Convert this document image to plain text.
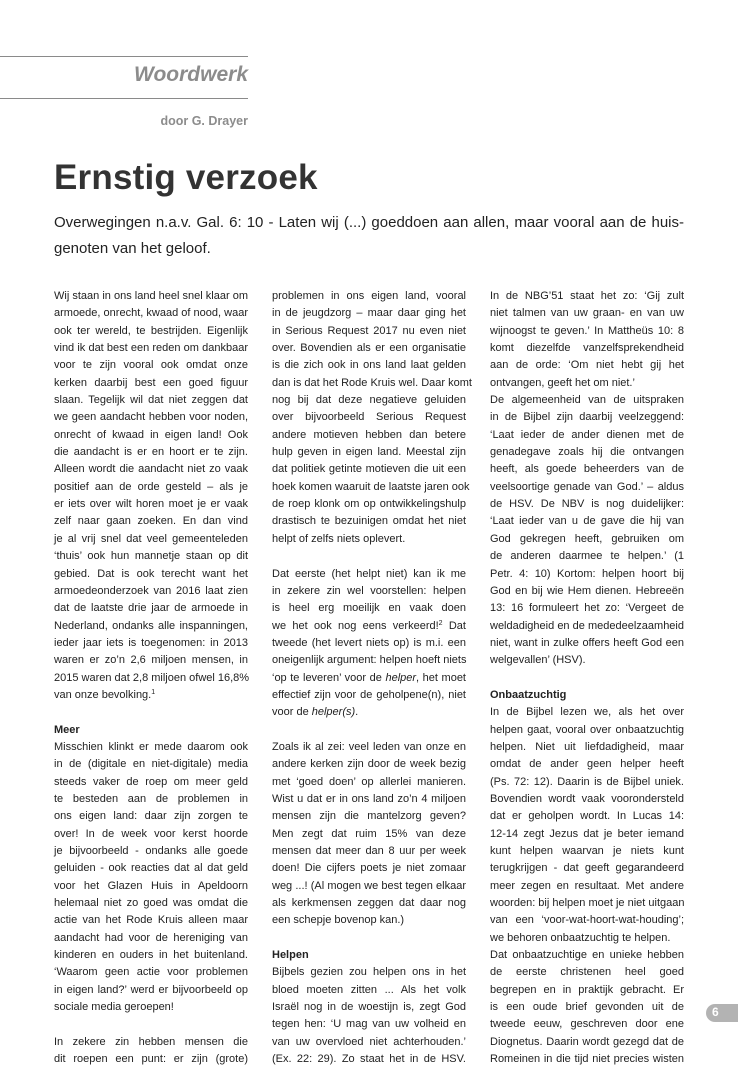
Woordwerk
door G. Drayer
Ernstig verzoek
Overwegingen n.a.v. Gal. 6: 10 - Laten wij (...) goeddoen aan allen, maar vooral aan de huis-genoten van het geloof.
Wij staan in ons land heel snel klaar om
armoede, onrecht, kwaad of nood, waar
ook ter wereld, te bestrijden. Eigenlijk
vind ik dat best een reden om dankbaar
voor te zijn vooral ook omdat onze
kerken daarbij best een goed figuur
slaan. Tegelijk wil dat niet zeggen dat
we geen aandacht hebben voor noden,
onrecht of kwaad in eigen land! Ook
die aandacht is er en hoort er te zijn.
Alleen wordt die aandacht niet zo vaak
positief aan de orde gesteld – als je
er iets over wilt horen moet je er vaak
zelf naar gaan zoeken. En dan vind
je al vrij snel dat veel gemeenteleden
‘thuis’ ook hun mannetje staan op dit
gebied. Dat is ook terecht want het
armoedeonderzoek van 2016 laat zien
dat de laatste drie jaar de armoede in
Nederland, ondanks alle inspanningen,
ieder jaar iets is toegenomen: in 2013
waren er zo’n 2,6 miljoen mensen, in
2015 waren dat 2,8 miljoen ofwel 16,8%
van onze bevolking.$^1$
Meer
Misschien klinkt er mede daarom ook
in de (digitale en niet-digitale) media
steeds vaker de roep om meer geld
te besteden aan de problemen in
ons eigen land: daar zijn zorgen te
over! In de week voor kerst hoorde
je bijvoorbeeld - ondanks alle goede
geluiden - ook reacties dat al dat geld
voor het Glazen Huis in Apeldoorn
helemaal niet zo goed was omdat die
actie van het Rode Kruis alleen maar
aandacht had voor de hereniging van
kinderen en ouders in het buitenland.
‘Waarom geen actie voor problemen
in eigen land?’ werd er bijvoorbeeld op
sociale media geroepen!
In zekere zin hebben mensen die
dit roepen een punt: er zijn (grote)
problemen in ons eigen land, vooral
in de jeugdzorg – maar daar ging het
in Serious Request 2017 nu even niet
over. Bovendien als er een organisatie
is die zich ook in ons land laat gelden
dan is dat het Rode Kruis wel. Daar komt
nog bij dat deze negatieve geluiden
over bijvoorbeeld Serious Request
andere motieven hebben dan betere
hulp geven in eigen land. Meestal zijn
dat politiek getinte motieven die uit een
hoek komen waaruit de laatste jaren ook
de roep klonk om op ontwikkelingshulp
drastisch te bezuinigen omdat het niet
helpt of zelfs niets oplevert.
Dat eerste (het helpt niet) kan ik me
in zekere zin wel voorstellen: helpen
is heel erg moeilijk en vaak doen
we het ook nog eens verkeerd!$^2$ Dat
tweede (het levert niets op) is m.i. een
oneigenlijk argument: helpen hoeft niets
‘op te leveren’ voor de helper, het moet
effectief zijn voor de geholpene(n), niet
voor de helper(s).
Zoals ik al zei: veel leden van onze en
andere kerken zijn door de week bezig
met ‘goed doen’ op allerlei manieren.
Wist u dat er in ons land zo’n 4 miljoen
mensen zijn die mantelzorg geven?
Men zegt dat ruim 15% van deze
mensen dat meer dan 8 uur per week
doen! Die cijfers poets je niet zomaar
weg ...! (Al mogen we best tegen elkaar
als kerkmensen zeggen dat daar nog
een schepje bovenop kan.)
Helpen
Bijbels gezien zou helpen ons in het
bloed moeten zitten ... Als het volk
Israël nog in de woestijn is, zegt God
tegen hen: ‘U mag van uw volheid en
van uw overvloed niet achterhouden.’
(Ex. 22: 29). Zo staat het in de HSV.
In de NBG’51 staat het zo: ‘Gij zult
niet talmen van uw graan- en van uw
wijnoogst te geven.’ In Mattheüs 10: 8
komt diezelfde vanzelfsprekendheid
aan de orde: ‘Om niet hebt gij het
ontvangen, geeft het om niet.’
De algemeenheid van de uitspraken
in de Bijbel zijn daarbij veelzeggend:
‘Laat ieder de ander dienen met de
genadegave zoals hij die ontvangen
heeft, als goede beheerders van de
veelsoortige genade van God.’ – aldus
de HSV. De NBV is nog duidelijker:
‘Laat ieder van u de gave die hij van
God gekregen heeft, gebruiken om
de anderen daarmee te helpen.’ (1
Petr. 4: 10) Kortom: helpen hoort bij
God en bij wie Hem dienen. Hebreeën
13: 16 formuleert het zo: ‘Vergeet de
weldadigheid en de mededeelzaamheid
niet, want in zulke offers heeft God een
welgevallen’ (HSV).
Onbaatzuchtig
In de Bijbel lezen we, als het over
helpen gaat, vooral over onbaatzuchtig
helpen. Niet uit liefdadigheid, maar
omdat de ander geen helper heeft
(Ps. 72: 12). Daarin is de Bijbel uniek.
Bovendien wordt vaak voorondersteld
dat er geholpen wordt. In Lucas 14:
12-14 zegt Jezus dat je beter iemand
kunt helpen waarvan je niets kunt
terugkrijgen - dat geeft gegarandeerd
meer zegen en resultaat. Met andere
woorden: bij helpen moet je niet uitgaan
van een ‘voor-wat-hoort-wat-houding’;
we behoren onbaatzuchtig te helpen.
Dat onbaatzuchtige en unieke hebben
de eerste christenen heel goed
begrepen en in praktijk gebracht. Er
is een oude brief gevonden uit de
tweede eeuw, geschreven door ene
Diognetus. Daarin wordt gezegd dat de
Romeinen in die tijd niet precies wisten
6
